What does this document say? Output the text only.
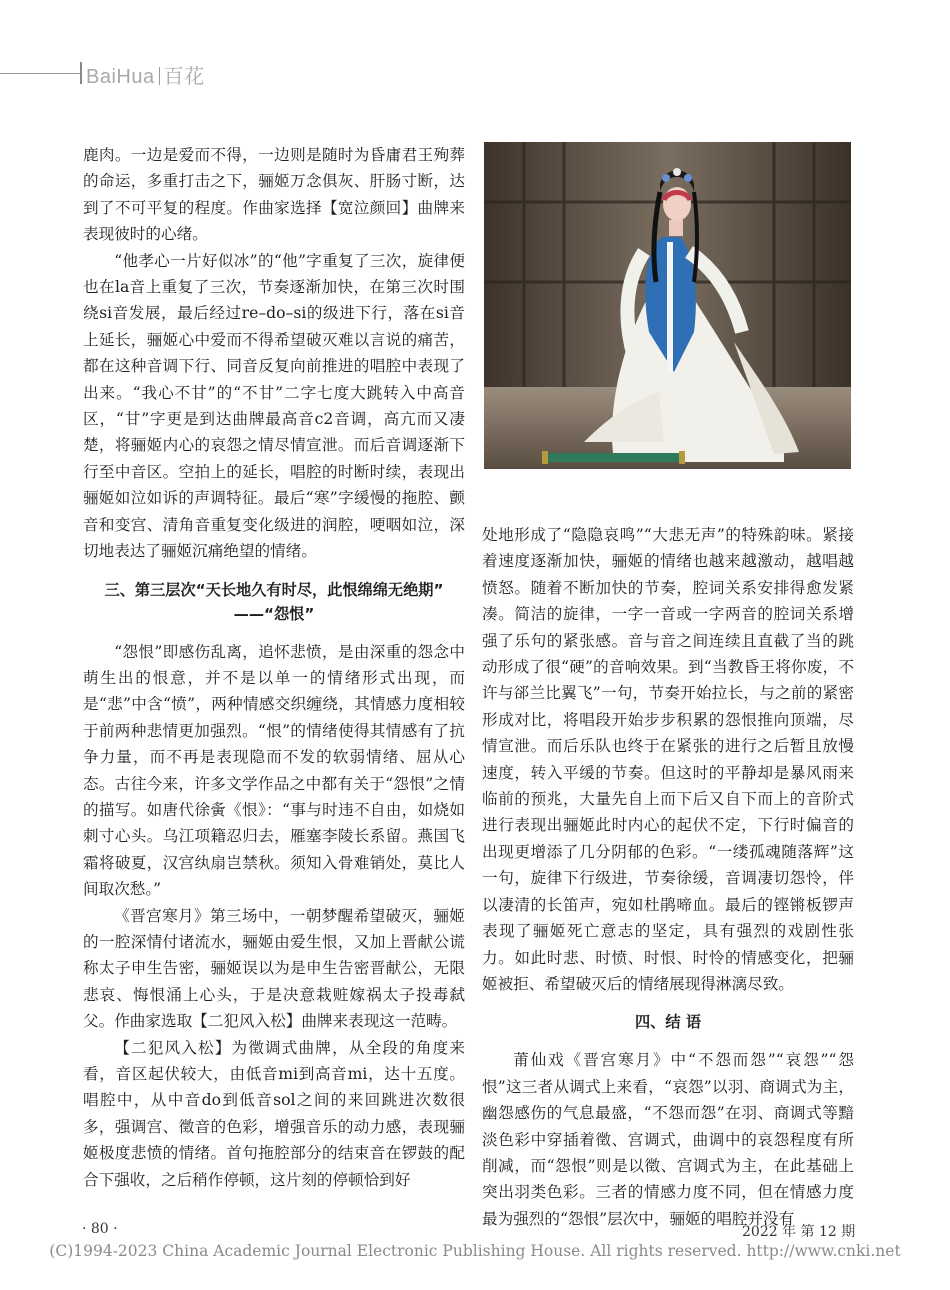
BaiHua 百花

鹿肉。一边是爱而不得，一边则是随时为昏庸君王殉葬的命运，多重打击之下，骊姬万念俱灰、肝肠寸断，达到了不可平复的程度。作曲家选择【宽泣颜回】曲牌来表现彼时的心绪。

“他孝心一片好似冰”的“他”字重复了三次，旋律便也在la音上重复了三次，节奏逐渐加快，在第三次时围绕si音发展，最后经过re–do–si的级进下行，落在si音上延长，骊姬心中爱而不得希望破灭难以言说的痛苦，都在这种音调下行、同音反复向前推进的唱腔中表现了出来。“我心不甘”的“不甘”二字七度大跳转入中高音区，“甘”字更是到达曲牌最高音c2音调，高亢而又凄楚，将骊姬内心的哀怨之情尽情宣泄。而后音调逐渐下行至中音区。空拍上的延长，唱腔的时断时续，表现出骊姬如泣如诉的声调特征。最后“寒”字缓慢的拖腔、颤音和变宫、清角音重复变化级进的润腔，哽咽如泣，深切地表达了骊姬沉痛绝望的情绪。

三、第三层次“天长地久有时尽，此恨绵绵无绝期”
——“怨恨”

“怨恨”即感伤乱离，追怀悲愤，是由深重的怨念中萌生出的恨意，并不是以单一的情绪形式出现，而是“悲”中含“愤”，两种情感交织缠绕，其情感力度相较于前两种悲情更加强烈。“恨”的情绪使得其情感有了抗争力量，而不再是表现隐而不发的软弱情绪、屈从心态。古往今来，许多文学作品之中都有关于“怨恨”之情的描写。如唐代徐夤《恨》：“事与时违不自由，如烧如刺寸心头。乌江项籍忍归去，雁塞李陵长系留。燕国飞霜将破夏，汉宫纨扇岂禁秋。须知入骨难销处，莫比人间取次愁。”

《晋宫寒月》第三场中，一朝梦醒希望破灭，骊姬的一腔深情付诸流水，骊姬由爱生恨，又加上晋献公谎称太子申生告密，骊姬误以为是申生告密晋献公，无限悲哀、悔恨涌上心头，于是决意栽赃嫁祸太子投毒弑父。作曲家选取【二犯风入松】曲牌来表现这一范畴。

【二犯风入松】为徵调式曲牌，从全段的角度来看，音区起伏较大，由低音mi到高音mi，达十五度。唱腔中，从中音do到低音sol之间的来回跳进次数很多，强调宫、徵音的色彩，增强音乐的动力感，表现骊姬极度悲愤的情绪。首句拖腔部分的结束音在锣鼓的配合下强收，之后稍作停顿，这片刻的停顿恰到好

处地形成了“隐隐哀鸣”“大悲无声”的特殊韵味。紧接着速度逐渐加快，骊姬的情绪也越来越激动，越唱越愤怒。随着不断加快的节奏，腔词关系安排得愈发紧凑。简洁的旋律，一字一音或一字两音的腔词关系增强了乐句的紧张感。音与音之间连续且直截了当的跳动形成了很“硬”的音响效果。到“当教昏王将你废，不许与郤兰比翼飞”一句，节奏开始拉长，与之前的紧密形成对比，将唱段开始步步积累的怨恨推向顶端，尽情宣泄。而后乐队也终于在紧张的进行之后暂且放慢速度，转入平缓的节奏。但这时的平静却是暴风雨来临前的预兆，大量先自上而下后又自下而上的音阶式进行表现出骊姬此时内心的起伏不定，下行时偏音的出现更增添了几分阴郁的色彩。“一缕孤魂随落辉”这一句，旋律下行级进，节奏徐缓，音调凄切怨怜，伴以凄清的长笛声，宛如杜鹃啼血。最后的铿锵板锣声表现了骊姬死亡意志的坚定，具有强烈的戏剧性张力。如此时悲、时愤、时恨、时怜的情感变化，把骊姬被拒、希望破灭后的情绪展现得淋漓尽致。

四、结 语

莆仙戏《晋宫寒月》中“不怨而怨”“哀怨”“怨恨”这三者从调式上来看，“哀怨”以羽、商调式为主，幽怨感伤的气息最盛，“不怨而怨”在羽、商调式等黯淡色彩中穿插着徵、宫调式，曲调中的哀怨程度有所削减，而“怨恨”则是以徵、宫调式为主，在此基础上突出羽类色彩。三者的情感力度不同，但在情感力度最为强烈的“怨恨”层次中，骊姬的唱腔并没有

· 80 ·	2022 年 第 12 期
(C)1994-2023 China Academic Journal Electronic Publishing House. All rights reserved. http://www.cnki.net
